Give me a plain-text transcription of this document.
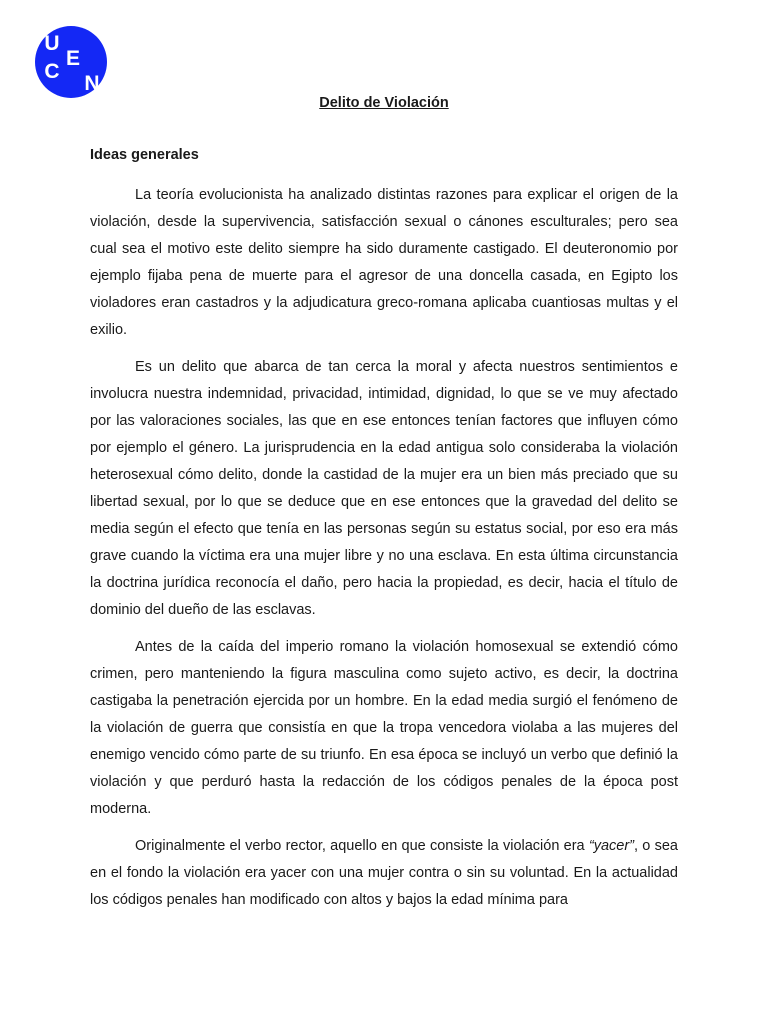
U
C
E
N
Delito de Violación
Ideas generales

La teoría evolucionista ha analizado distintas razones para explicar el origen de la violación, desde la supervivencia, satisfacción sexual o cánones esculturales; pero sea cual sea el motivo este delito siempre ha sido duramente castigado. El deuteronomio por ejemplo fijaba pena de muerte para el agresor de una doncella casada, en Egipto los violadores eran castadros y la adjudicatura greco-romana aplicaba cuantiosas multas y el exilio.

Es un delito que abarca de tan cerca la moral y afecta nuestros sentimientos e involucra nuestra indemnidad, privacidad, intimidad, dignidad, lo que se ve muy afectado por las valoraciones sociales, las que en ese entonces tenían factores que influyen cómo por ejemplo el género. La jurisprudencia en la edad antigua solo consideraba la violación heterosexual cómo delito, donde la castidad de la mujer era un bien más preciado que su libertad sexual, por lo que se deduce que en ese entonces que la gravedad del delito se media según el efecto que tenía en las personas según su estatus social, por eso era más grave cuando la víctima era una mujer libre y no una esclava. En esta última circunstancia la doctrina jurídica reconocía el daño, pero hacia la propiedad, es decir, hacia el título de dominio del dueño de las esclavas.

Antes de la caída del imperio romano la violación homosexual se extendió cómo crimen, pero manteniendo la figura masculina como sujeto activo, es decir, la doctrina castigaba la penetración ejercida por un hombre. En la edad media surgió el fenómeno de la violación de guerra que consistía en que la tropa vencedora violaba a las mujeres del enemigo vencido cómo parte de su triunfo. En esa época se incluyó un verbo que definió la violación y que perduró hasta la redacción de los códigos penales de la época post moderna.

Originalmente el verbo rector, aquello en que consiste la violación era “yacer”, o sea en el fondo la violación era yacer con una mujer contra o sin su voluntad. En la actualidad los códigos penales han modificado con altos y bajos la edad mínima para
